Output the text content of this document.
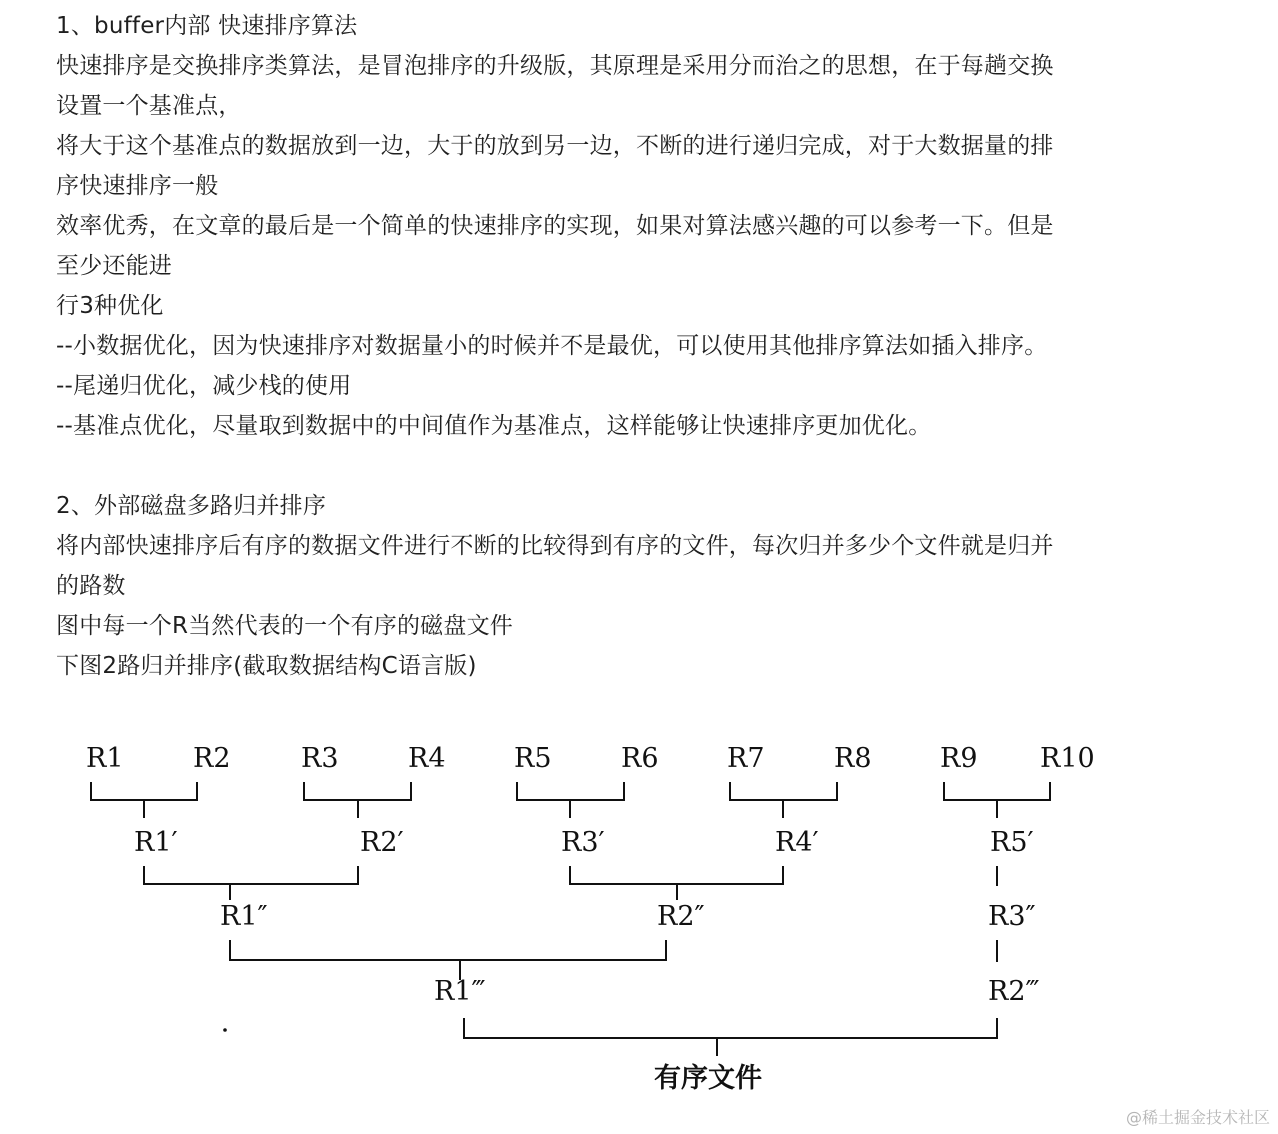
1、buffer内部 快速排序算法
快速排序是交换排序类算法，是冒泡排序的升级版，其原理是采用分而治之的思想，在于每趟交换
设置一个基准点，
将大于这个基准点的数据放到一边，大于的放到另一边，不断的进行递归完成，对于大数据量的排
序快速排序一般
效率优秀，在文章的最后是一个简单的快速排序的实现，如果对算法感兴趣的可以参考一下。但是
至少还能进
行3种优化
--小数据优化，因为快速排序对数据量小的时候并不是最优，可以使用其他排序算法如插入排序。
--尾递归优化，减少栈的使用
--基准点优化，尽量取到数据中的中间值作为基准点，这样能够让快速排序更加优化。
2、外部磁盘多路归并排序
将内部快速排序后有序的数据文件进行不断的比较得到有序的文件，每次归并多少个文件就是归并
的路数
图中每一个R当然代表的一个有序的磁盘文件
下图2路归并排序(截取数据结构C语言版)
R1	R2	R3	R4	R5	R6	R7	R8	R9 R10
R1′	R2′	R3′	R4′	R5′
R1″	R2″	R3″
R1‴	R2‴
有序文件
@稀土掘金技术社区
